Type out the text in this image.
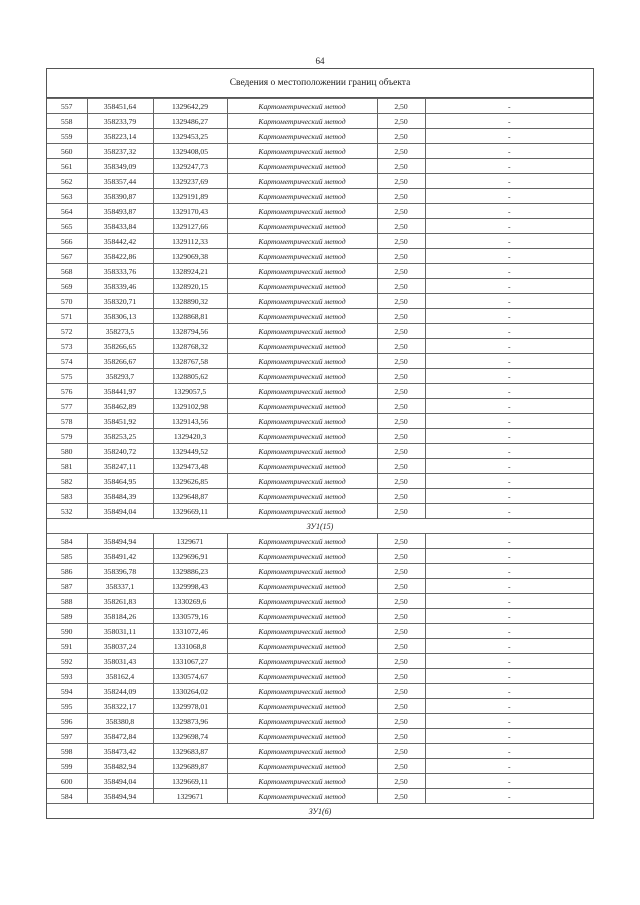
64
Сведения о местоположении границ объекта
557	358451,64	1329642,29	Картометрический метод	2,50	-
558	358233,79	1329486,27	Картометрический метод	2,50	-
559	358223,14	1329453,25	Картометрический метод	2,50	-
560	358237,32	1329408,05	Картометрический метод	2,50	-
561	358349,09	1329247,73	Картометрический метод	2,50	-
562	358357,44	1329237,69	Картометрический метод	2,50	-
563	358390,87	1329191,89	Картометрический метод	2,50	-
564	358493,87	1329170,43	Картометрический метод	2,50	-
565	358433,84	1329127,66	Картометрический метод	2,50	-
566	358442,42	1329112,33	Картометрический метод	2,50	-
567	358422,86	1329069,38	Картометрический метод	2,50	-
568	358333,76	1328924,21	Картометрический метод	2,50	-
569	358339,46	1328920,15	Картометрический метод	2,50	-
570	358320,71	1328890,32	Картометрический метод	2,50	-
571	358306,13	1328868,81	Картометрический метод	2,50	-
572	358273,5	1328794,56	Картометрический метод	2,50	-
573	358266,65	1328768,32	Картометрический метод	2,50	-
574	358266,67	1328767,58	Картометрический метод	2,50	-
575	358293,7	1328805,62	Картометрический метод	2,50	-
576	358441,97	1329057,5	Картометрический метод	2,50	-
577	358462,89	1329102,98	Картометрический метод	2,50	-
578	358451,92	1329143,56	Картометрический метод	2,50	-
579	358253,25	1329420,3	Картометрический метод	2,50	-
580	358240,72	1329449,52	Картометрический метод	2,50	-
581	358247,11	1329473,48	Картометрический метод	2,50	-
582	358464,95	1329626,85	Картометрический метод	2,50	-
583	358484,39	1329648,87	Картометрический метод	2,50	-
532	358494,04	1329669,11	Картометрический метод	2,50	-
ЗУ1(15)					
584	358494,94	1329671	Картометрический метод	2,50	-
585	358491,42	1329696,91	Картометрический метод	2,50	-
586	358396,78	1329886,23	Картометрический метод	2,50	-
587	358337,1	1329998,43	Картометрический метод	2,50	-
588	358261,83	1330269,6	Картометрический метод	2,50	-
589	358184,26	1330579,16	Картометрический метод	2,50	-
590	358031,11	1331072,46	Картометрический метод	2,50	-
591	358037,24	1331068,8	Картометрический метод	2,50	-
592	358031,43	1331067,27	Картометрический метод	2,50	-
593	358162,4	1330574,67	Картометрический метод	2,50	-
594	358244,09	1330264,02	Картометрический метод	2,50	-
595	358322,17	1329978,01	Картометрический метод	2,50	-
596	358380,8	1329873,96	Картометрический метод	2,50	-
597	358472,84	1329698,74	Картометрический метод	2,50	-
598	358473,42	1329683,87	Картометрический метод	2,50	-
599	358482,94	1329689,87	Картометрический метод	2,50	-
600	358494,04	1329669,11	Картометрический метод	2,50	-
584	358494,94	1329671	Картометрический метод	2,50	-
ЗУ1(6)					
